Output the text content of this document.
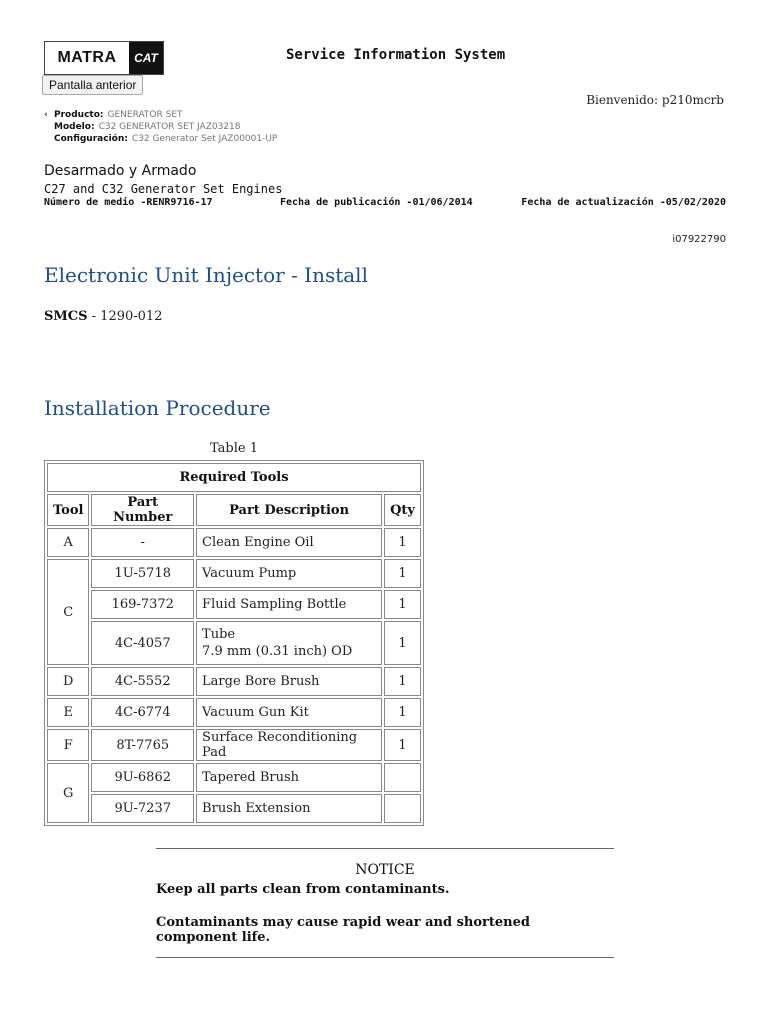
MATRA	CAT
Pantalla anterior
Service Information System
Bienvenido: p210mcrb
‹ Producto: GENERATOR SET
Modelo: C32 GENERATOR SET JAZ03218
Configuración: C32 Generator Set JAZ00001-UP
Desarmado y Armado
C27 and C32 Generator Set Engines
Número de medio -RENR9716-17	Fecha de publicación -01/06/2014	Fecha de actualización -05/02/2020
i07922790
Electronic Unit Injector - Install
SMCS - 1290-012
Installation Procedure
Table 1
Required Tools			
Tool	Part Number	Part Description	Qty
A	-	Clean Engine Oil	1
C	1U-5718	Vacuum Pump	1
	169-7372	Fluid Sampling Bottle	1
	4C-4057	Tube
7.9 mm (0.31 inch) OD	1
D	4C-5552	Large Bore Brush	1
E	4C-6774	Vacuum Gun Kit	1
F	8T-7765	Surface Reconditioning Pad	1
G	9U-6862	Tapered Brush	
	9U-7237	Brush Extension	
NOTICE

Keep all parts clean from contaminants.

Contaminants may cause rapid wear and shortened component life.
